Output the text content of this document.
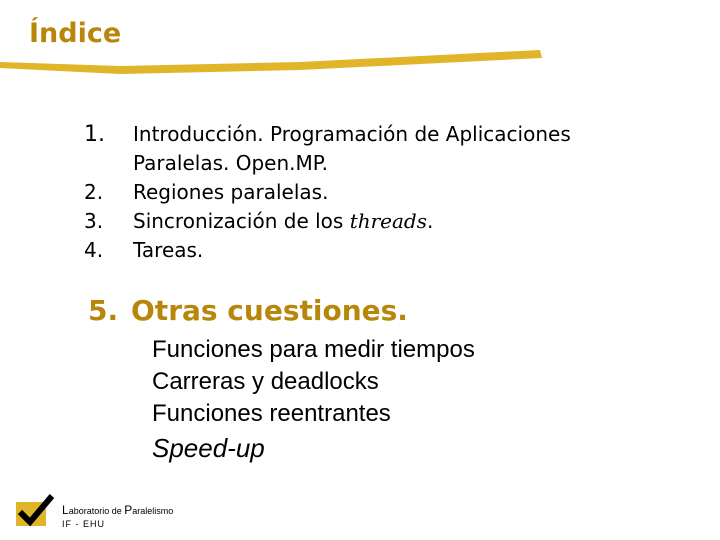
Índice
1.	Introducción. Programación de Aplicaciones
Paralelas. Open.MP.
2.	Regiones paralelas.
3.	Sincronización de los threads.
4.	Tareas.
5. Otras cuestiones.
Funciones para medir tiempos
Carreras y deadlocks
Funciones reentrantes
Speed-up
Laboratorio de Paralelismo
IF - EHU
